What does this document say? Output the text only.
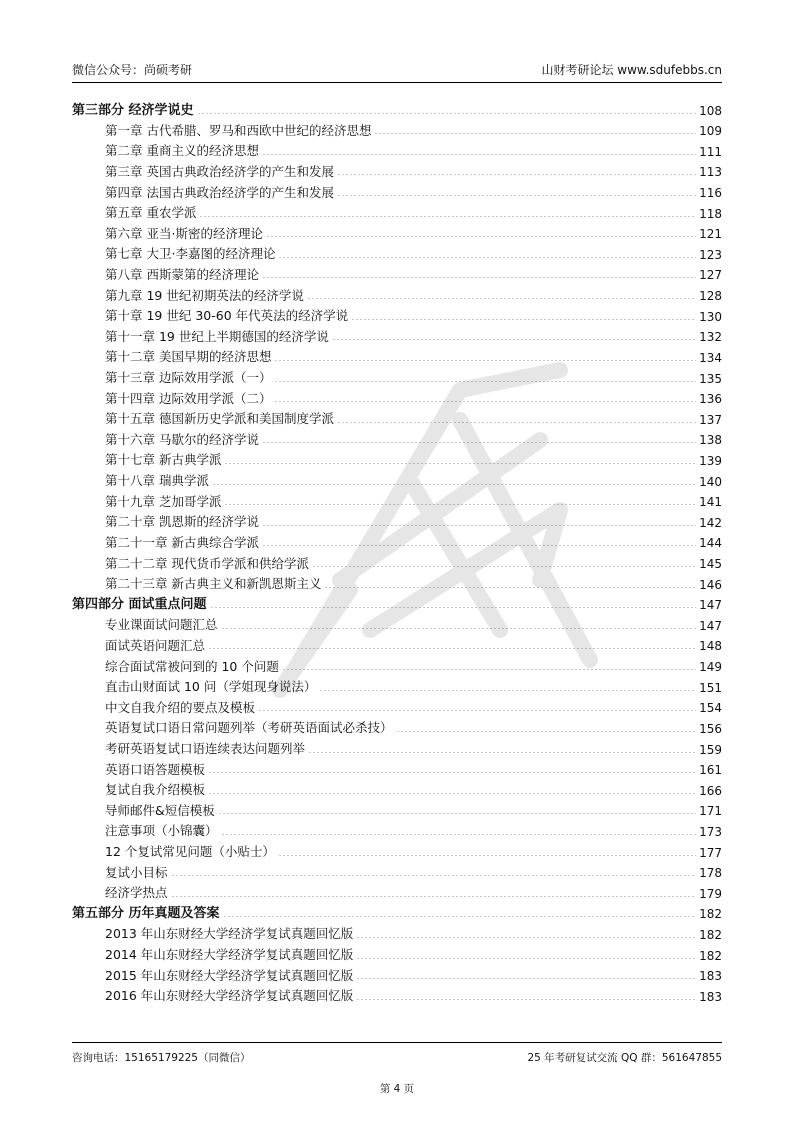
微信公众号：尚硕考研	山财考研论坛 www.sdufebbs.cn
第三部分 经济学说史	108
第一章 古代希腊、罗马和西欧中世纪的经济思想	109
第二章 重商主义的经济思想	111
第三章 英国古典政治经济学的产生和发展	113
第四章 法国古典政治经济学的产生和发展	116
第五章 重农学派	118
第六章 亚当·斯密的经济理论	121
第七章 大卫·李嘉图的经济理论	123
第八章 西斯蒙第的经济理论	127
第九章 19 世纪初期英法的经济学说	128
第十章 19 世纪 30-60 年代英法的经济学说	130
第十一章 19 世纪上半期德国的经济学说	132
第十二章 美国早期的经济思想	134
第十三章 边际效用学派（一）	135
第十四章 边际效用学派（二）	136
第十五章 德国新历史学派和美国制度学派	137
第十六章 马歇尔的经济学说	138
第十七章 新古典学派	139
第十八章 瑞典学派	140
第十九章 芝加哥学派	141
第二十章 凯恩斯的经济学说	142
第二十一章 新古典综合学派	144
第二十二章 现代货币学派和供给学派	145
第二十三章 新古典主义和新凯恩斯主义	146
第四部分 面试重点问题	147
专业课面试问题汇总	147
面试英语问题汇总	148
综合面试常被问到的 10 个问题	149
直击山财面试 10 问（学姐现身说法）	151
中文自我介绍的要点及模板	154
英语复试口语日常问题列举（考研英语面试必杀技）	156
考研英语复试口语连续表达问题列举	159
英语口语答题模板	161
复试自我介绍模板	166
导师邮件&短信模板	171
注意事项（小锦囊）	173
12 个复试常见问题（小贴士）	177
复试小目标	178
经济学热点	179
第五部分 历年真题及答案	182
2013 年山东财经大学经济学复试真题回忆版	182
2014 年山东财经大学经济学复试真题回忆版	182
2015 年山东财经大学经济学复试真题回忆版	183
2016 年山东财经大学经济学复试真题回忆版	183
咨询电话：15165179225（同微信）	25 年考研复试交流 QQ 群：561647855
第 4 页
